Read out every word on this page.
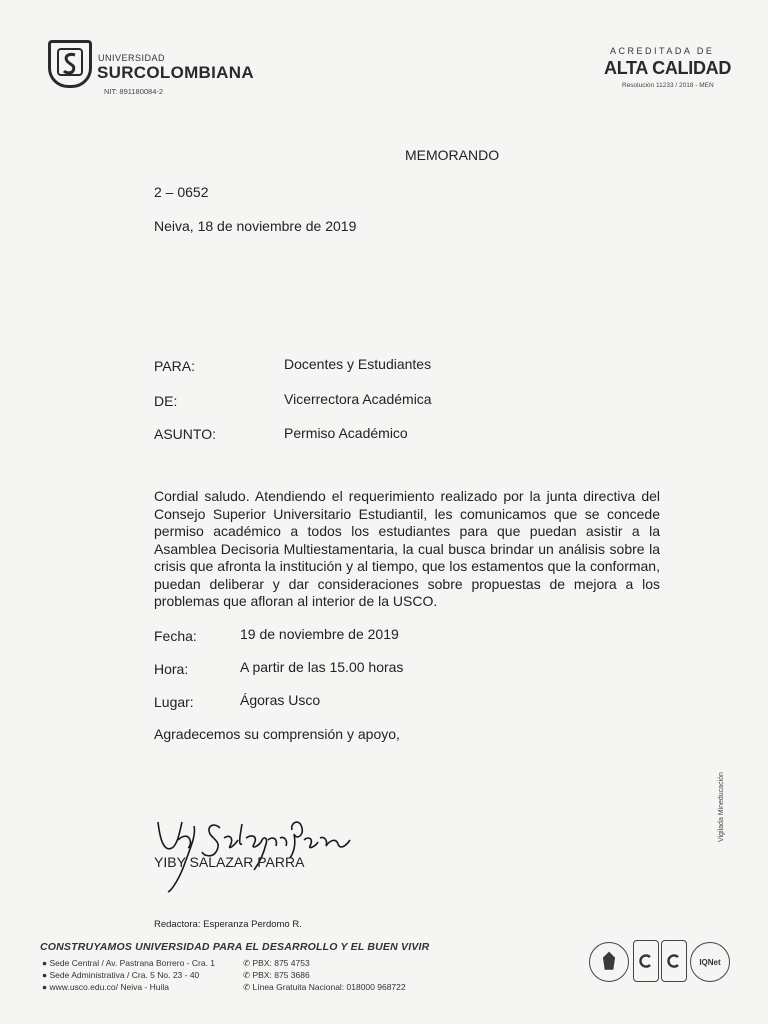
UNIVERSIDAD
SURCOLOMBIANA
NIT: 891180084-2
ACREDITADA DE
ALTA CALIDAD
Resolución 11233 / 2018 - MEN
MEMORANDO
2 – 0652
Neiva, 18 de noviembre de 2019
PARA:	Docentes y Estudiantes
DE:	Vicerrectora Académica
ASUNTO:	Permiso Académico
Cordial saludo. Atendiendo el requerimiento realizado por la junta directiva del Consejo Superior Universitario Estudiantil, les comunicamos que se concede permiso académico a todos los estudiantes para que puedan asistir a la Asamblea Decisoria Multiestamentaria, la cual busca brindar un análisis sobre la crisis que afronta la institución y al tiempo, que los estamentos que la conforman, puedan deliberar y dar consideraciones sobre propuestas de mejora a los problemas que afloran al interior de la USCO.
Fecha:	19 de noviembre de 2019
Hora:	A partir de las 15.00 horas
Lugar:	Ágoras Usco
Agradecemos su comprensión y apoyo,
YIBY SALAZAR PARRA
Redactora: Esperanza Perdomo R.
Vigilada Mineducación
CONSTRUYAMOS UNIVERSIDAD PARA EL DESARROLLO Y EL BUEN VIVIR
● Sede Central / Av. Pastrana Borrero - Cra. 1
● Sede Administrativa / Cra. 5 No. 23 - 40
● www.usco.edu.co/ Neiva - Huila
✆ PBX: 875 4753
✆ PBX: 875 3686
✆ Línea Gratuita Nacional: 018000 968722
IQNet
